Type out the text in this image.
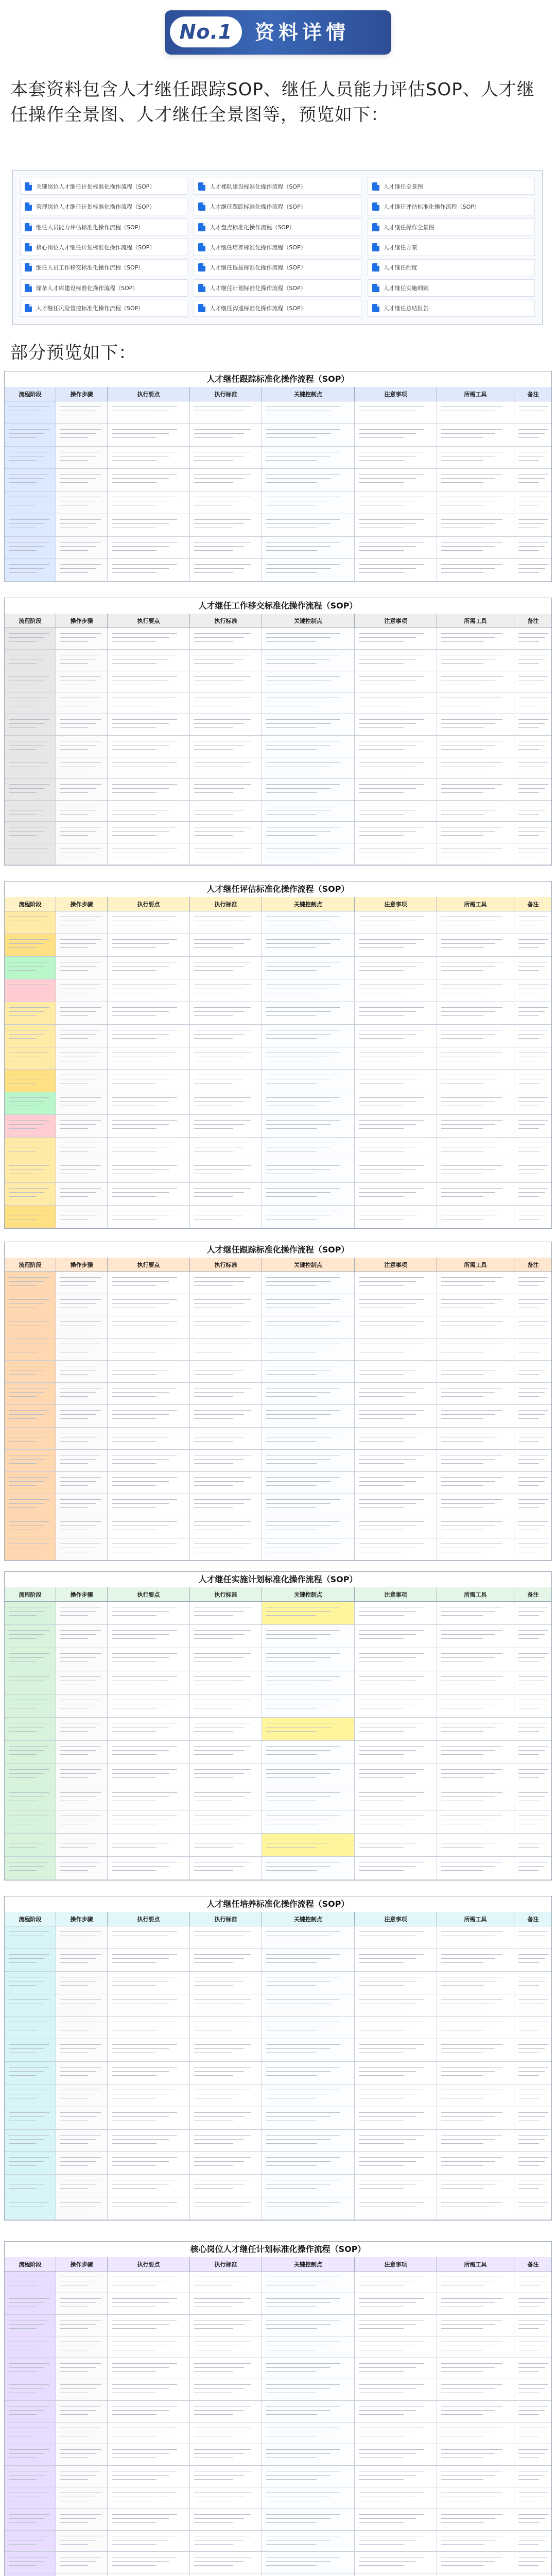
No.1	资料详情
本套资料包含人才继任跟踪SOP、继任人员能力评估SOP、人才继任操作全景图、人才继任全景图等，预览如下：
关键岗位人才继任计划标准化操作流程（SOP）	人才梯队建设标准化操作流程（SOP）	人才继任全景图
管理岗位人才继任计划标准化操作流程（SOP）	人才继任跟踪标准化操作流程（SOP）	人才继任评估标准化操作流程（SOP）
继任人员能力评估标准化操作流程（SOP）	人才盘点标准化操作流程（SOP）	人才继任操作全景图
核心岗位人才继任计划标准化操作流程（SOP）	人才继任培养标准化操作流程（SOP）	人才继任方案
继任人员工作移交标准化操作流程（SOP）	人才继任选拔标准化操作流程（SOP）	人才继任制度
储备人才库建设标准化操作流程（SOP）	人才继任计划标准化操作流程（SOP）	人才继任实施细则
人才继任风险管控标准化操作流程（SOP）	人才继任沟通标准化操作流程（SOP）	人才继任总结报告
部分预览如下：
人才继任跟踪标准化操作流程（SOP）
流程阶段	操作步骤	执行要点	执行标准	关键控制点	注意事项	所需工具	备注
人才继任工作移交标准化操作流程（SOP）
流程阶段	操作步骤	执行要点	执行标准	关键控制点	注意事项	所需工具	备注
人才继任评估标准化操作流程（SOP）
流程阶段	操作步骤	执行要点	执行标准	关键控制点	注意事项	所需工具	备注
人才继任跟踪标准化操作流程（SOP）
流程阶段	操作步骤	执行要点	执行标准	关键控制点	注意事项	所需工具	备注
人才继任实施计划标准化操作流程（SOP）
流程阶段	操作步骤	执行要点	执行标准	关键控制点	注意事项	所需工具	备注
人才继任培养标准化操作流程（SOP）
流程阶段	操作步骤	执行要点	执行标准	关键控制点	注意事项	所需工具	备注
核心岗位人才继任计划标准化操作流程（SOP）
流程阶段	操作步骤	执行要点	执行标准	关键控制点	注意事项	所需工具	备注
